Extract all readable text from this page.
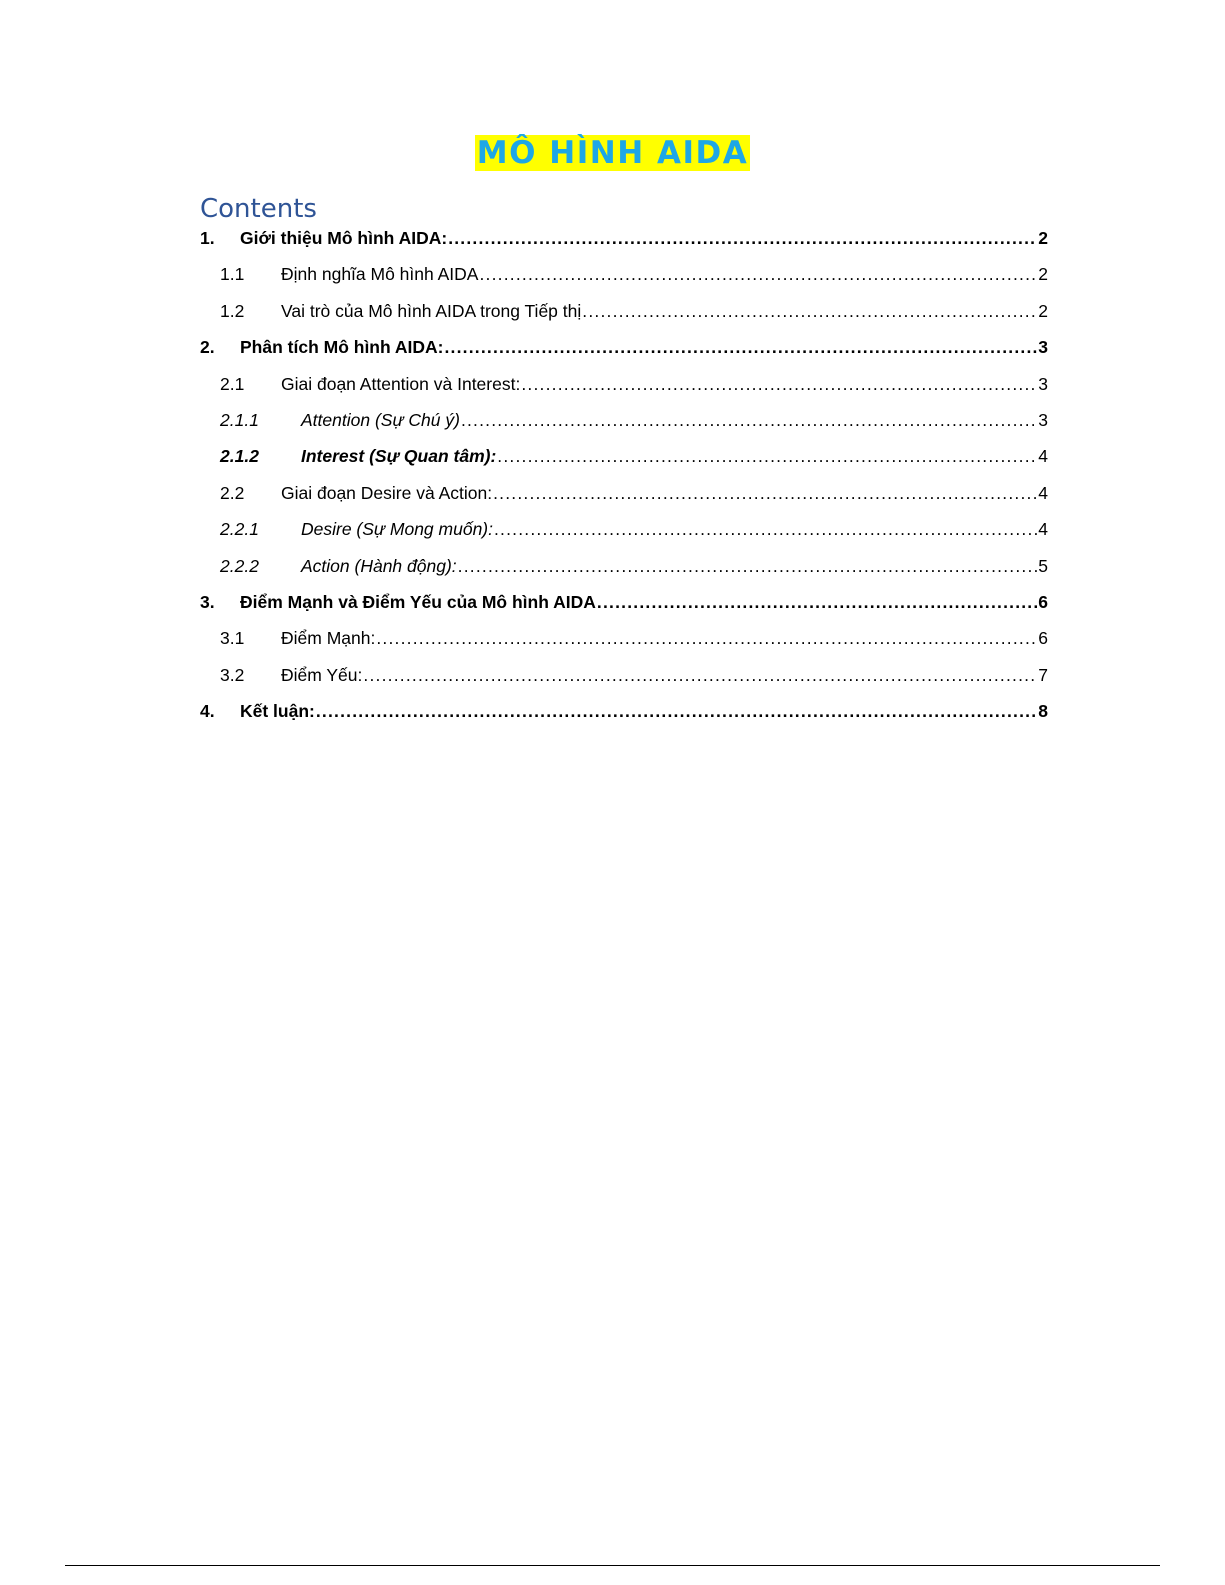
MÔ HÌNH AIDA
Contents
1.	Giới thiệu Mô hình AIDA: .....	2
1.1	Định nghĩa Mô hình AIDA .....	2
1.2	Vai trò của Mô hình AIDA trong Tiếp thị .....	2
2.	Phân tích Mô hình AIDA: .....	3
2.1	Giai đoạn Attention và Interest: .....	3
2.1.1	Attention (Sự Chú ý) .....	3
2.1.2	Interest (Sự Quan tâm): .....	4
2.2	Giai đoạn Desire và Action: .....	4
2.2.1	Desire (Sự Mong muốn): .....	4
2.2.2	Action (Hành động): .....	5
3.	Điểm Mạnh và Điểm Yếu của Mô hình AIDA .....	6
3.1	Điểm Mạnh: .....	6
3.2	Điểm Yếu: .....	7
4.	Kết luận: .....	8
